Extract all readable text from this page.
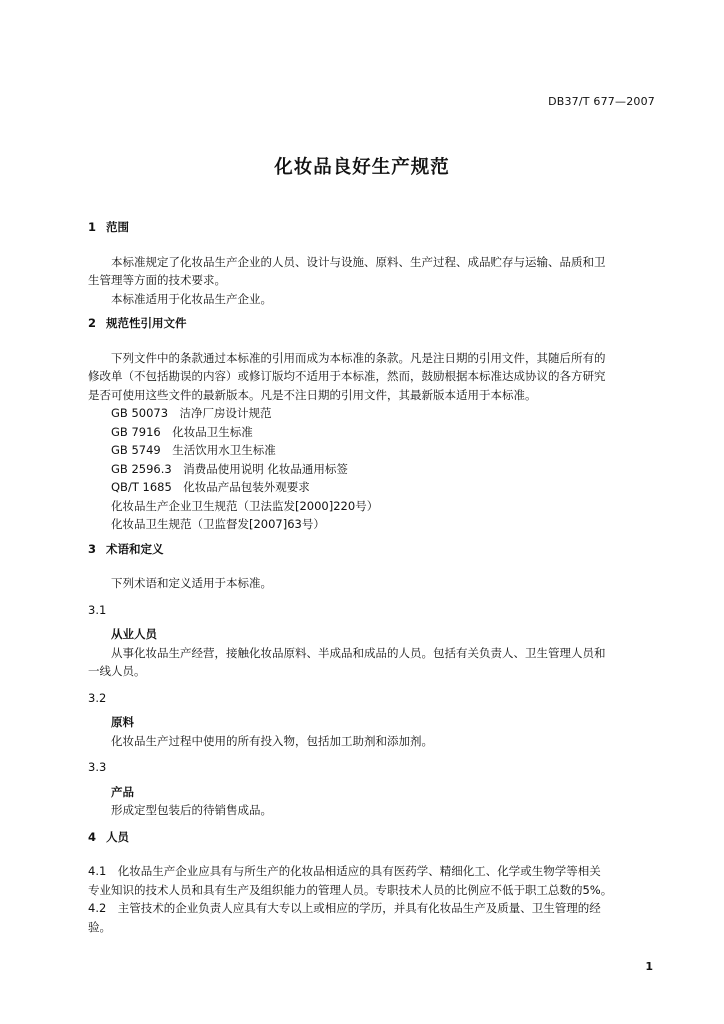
DB37/T 677—2007
化妆品良好生产规范
1 范围
本标准规定了化妆品生产企业的人员、设计与设施、原料、生产过程、成品贮存与运输、品质和卫
生管理等方面的技术要求。
本标准适用于化妆品生产企业。
2 规范性引用文件
下列文件中的条款通过本标准的引用而成为本标准的条款。凡是注日期的引用文件，其随后所有的
修改单（不包括勘误的内容）或修订版均不适用于本标准，然而，鼓励根据本标准达成协议的各方研究
是否可使用这些文件的最新版本。凡是不注日期的引用文件，其最新版本适用于本标准。
GB 50073　 洁净厂房设计规范
GB 7916　 化妆品卫生标准
GB 5749　 生活饮用水卫生标准
GB 2596.3　 消费品使用说明 化妆品通用标签
QB/T 1685　 化妆品产品包装外观要求
化妆品生产企业卫生规范（卫法监发[2000]220号）
化妆品卫生规范（卫监督发[2007]63号）
3 术语和定义
下列术语和定义适用于本标准。
3.1
从业人员
从事化妆品生产经营，接触化妆品原料、半成品和成品的人员。包括有关负责人、卫生管理人员和
一线人员。
3.2
原料
化妆品生产过程中使用的所有投入物，包括加工助剂和添加剂。
3.3
产品
形成定型包装后的待销售成品。
4 人员
4.1　化妆品生产企业应具有与所生产的化妆品相适应的具有医药学、精细化工、化学或生物学等相关
专业知识的技术人员和具有生产及组织能力的管理人员。专职技术人员的比例应不低于职工总数的5%。
4.2　主管技术的企业负责人应具有大专以上或相应的学历，并具有化妆品生产及质量、卫生管理的经
验。
1
